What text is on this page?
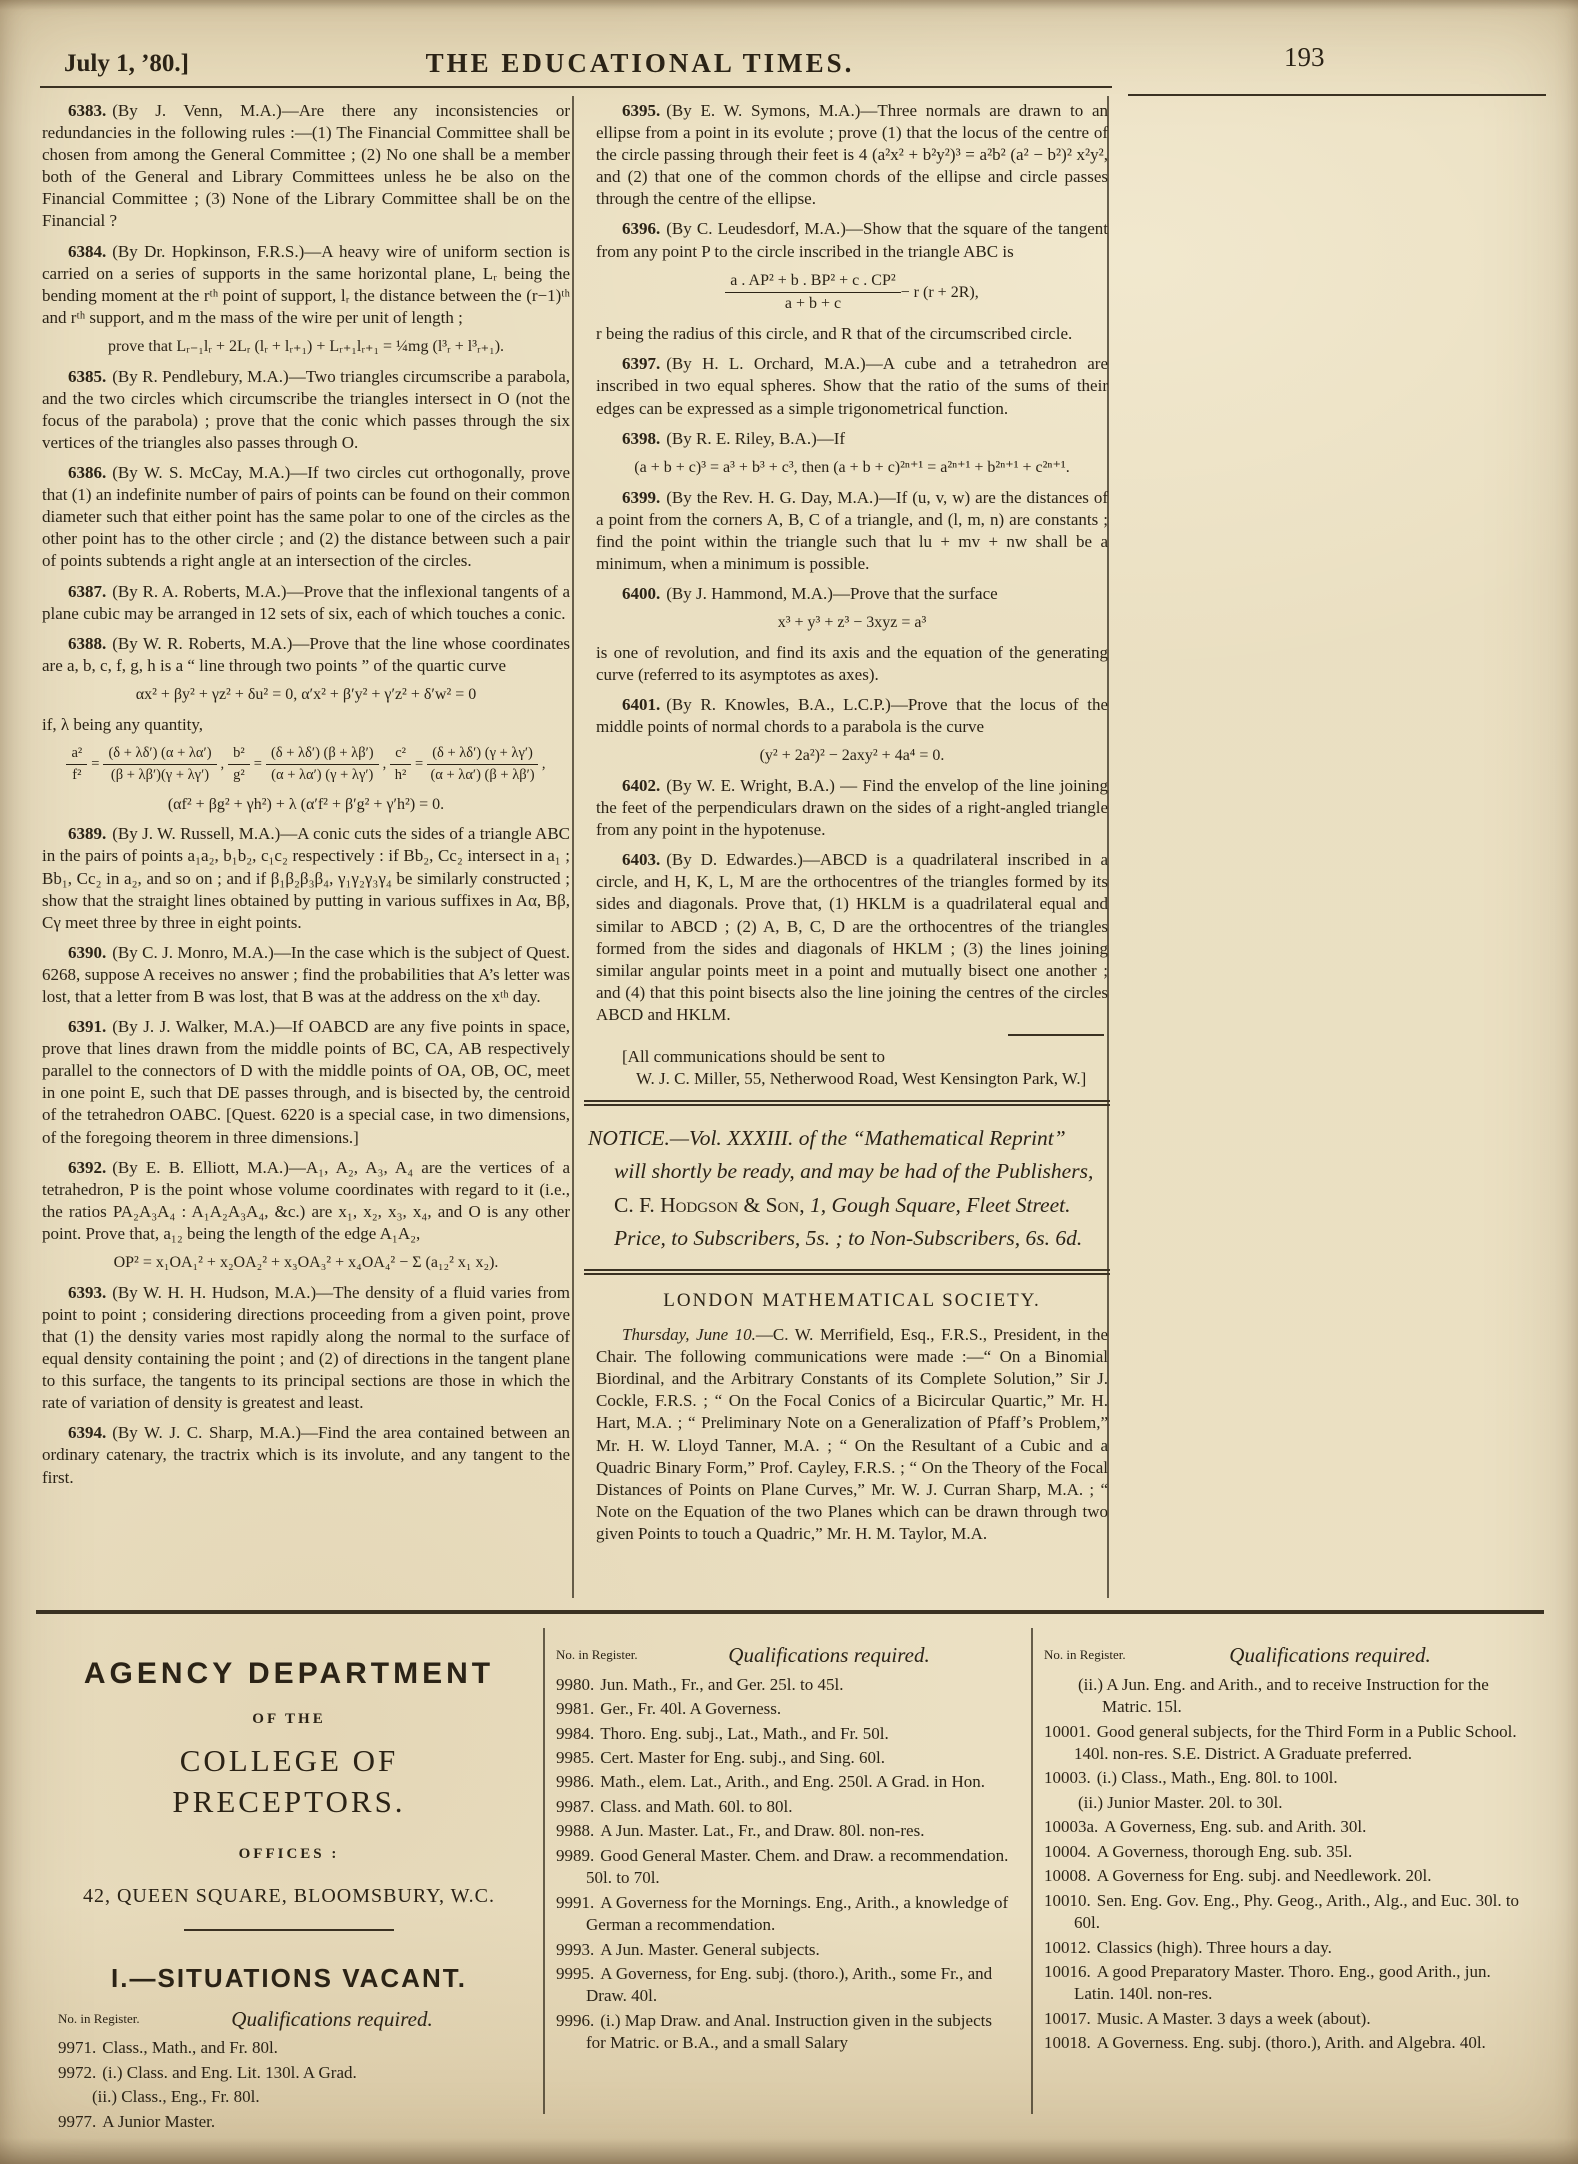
July 1, ’80.]	THE EDUCATIONAL TIMES.	193

6383. (By J. Venn, M.A.)—Are there any inconsistencies or redundancies in the following rules :—(1) The Financial Committee shall be chosen from among the General Committee ; (2) No one shall be a member both of the General and Library Committees unless he be also on the Financial Committee ; (3) None of the Library Committee shall be on the Financial ?

6384. (By Dr. Hopkinson, F.R.S.)—A heavy wire of uniform section is carried on a series of supports in the same horizontal plane, Lᵣ being the bending moment at the rᵗʰ point of support, lᵣ the distance between the (r−1)ᵗʰ and rᵗʰ support, and m the mass of the wire per unit of length ;

prove that Lᵣ₋₁lᵣ + 2Lᵣ (lᵣ + lᵣ₊₁) + Lᵣ₊₁lᵣ₊₁ = ¼mg (l³ᵣ + l³ᵣ₊₁).

6385. (By R. Pendlebury, M.A.)—Two triangles circumscribe a parabola, and the two circles which circumscribe the triangles intersect in O (not the focus of the parabola) ; prove that the conic which passes through the six vertices of the triangles also passes through O.

6386. (By W. S. McCay, M.A.)—If two circles cut orthogonally, prove that (1) an indefinite number of pairs of points can be found on their common diameter such that either point has the same polar to one of the circles as the other point has to the other circle ; and (2) the distance between such a pair of points subtends a right angle at an intersection of the circles.

6387. (By R. A. Roberts, M.A.)—Prove that the inflexional tangents of a plane cubic may be arranged in 12 sets of six, each of which touches a conic.

6388. (By W. R. Roberts, M.A.)—Prove that the line whose coordinates are a, b, c, f, g, h is a “ line through two points ” of the quartic curve

αx² + βy² + γz² + δu² = 0, α′x² + β′y² + γ′z² + δ′w² = 0

if, λ being any quantity,

$\frac{\text{a²}}{\text{f²}} = \frac{(\delta + \lambda\delta') (\alpha + \lambda\alpha')}{(\beta + \lambda\beta')(\gamma + \lambda\gamma')}$ , $\frac{\text{b²}}{\text{g²}} = \frac{(\delta + \lambda\delta') (\beta + \lambda\beta')}{(\alpha + \lambda\alpha') (\gamma + \lambda\gamma')}$ , $\frac{\text{c²}}{\text{h²}} = \frac{(\delta + \lambda\delta') (\gamma + \lambda\gamma')}{(\alpha + \lambda\alpha') (\beta + \lambda\beta')}$ ,
(αf² + βg² + γh²) + λ (α′f² + β′g² + γ′h²) = 0.

6389. (By J. W. Russell, M.A.)—A conic cuts the sides of a triangle ABC in the pairs of points a₁a₂, b₁b₂, c₁c₂ respectively : if Bb₂, Cc₂ intersect in a₁ ; Bb₁, Cc₂ in a₂, and so on ; and if β₁β₂β₃β₄, γ₁γ₂γ₃γ₄ be similarly constructed ; show that the straight lines obtained by putting in various suffixes in Aα, Bβ, Cγ meet three by three in eight points.

6390. (By C. J. Monro, M.A.)—In the case which is the subject of Quest. 6268, suppose A receives no answer ; find the probabilities that A’s letter was lost, that a letter from B was lost, that B was at the address on the xᵗʰ day.

6391. (By J. J. Walker, M.A.)—If OABCD are any five points in space, prove that lines drawn from the middle points of BC, CA, AB respectively parallel to the connectors of D with the middle points of OA, OB, OC, meet in one point E, such that DE passes through, and is bisected by, the centroid of the tetrahedron OABC. [Quest. 6220 is a special case, in two dimensions, of the foregoing theorem in three dimensions.]

6392. (By E. B. Elliott, M.A.)—A₁, A₂, A₃, A₄ are the vertices of a tetrahedron, P is the point whose volume coordinates with regard to it (i.e., the ratios PA₂A₃A₄ : A₁A₂A₃A₄, &c.) are x₁, x₂, x₃, x₄, and O is any other point. Prove that, a₁₂ being the length of the edge A₁A₂,

OP² = x₁OA₁² + x₂OA₂² + x₃OA₃² + x₄OA₄² − Σ (a₁₂² x₁ x₂).

6393. (By W. H. H. Hudson, M.A.)—The density of a fluid varies from point to point ; considering directions proceeding from a given point, prove that (1) the density varies most rapidly along the normal to the surface of equal density containing the point ; and (2) of directions in the tangent plane to this surface, the tangents to its principal sections are those in which the rate of variation of density is greatest and least.

6394. (By W. J. C. Sharp, M.A.)—Find the area contained between an ordinary catenary, the tractrix which is its involute, and any tangent to the first.

6395. (By E. W. Symons, M.A.)—Three normals are drawn to an ellipse from a point in its evolute ; prove (1) that the locus of the centre of the circle passing through their feet is 4 (a²x² + b²y²)³ = a²b² (a² − b²)² x²y², and (2) that one of the common chords of the ellipse and circle passes through the centre of the ellipse.

6396. (By C. Leudesdorf, M.A.)—Show that the square of the tangent from any point P to the circle inscribed in the triangle ABC is

$\frac{\text{a . AP² + b . BP² + c . CP²}}{a + b + c} - r$ (r + 2R),

r being the radius of this circle, and R that of the circumscribed circle.

6397. (By H. L. Orchard, M.A.)—A cube and a tetrahedron are inscribed in two equal spheres. Show that the ratio of the sums of their edges can be expressed as a simple trigonometrical function.

6398. (By R. E. Riley, B.A.)—If

(a + b + c)³ = a³ + b³ + c³, then (a + b + c)²ⁿ⁺¹ = a²ⁿ⁺¹ + b²ⁿ⁺¹ + c²ⁿ⁺¹.

6399. (By the Rev. H. G. Day, M.A.)—If (u, v, w) are the distances of a point from the corners A, B, C of a triangle, and (l, m, n) are constants ; find the point within the triangle such that lu + mv + nw shall be a minimum, when a minimum is possible.

6400. (By J. Hammond, M.A.)—Prove that the surface

x³ + y³ + z³ − 3xyz = a³

is one of revolution, and find its axis and the equation of the generating curve (referred to its asymptotes as axes).

6401. (By R. Knowles, B.A., L.C.P.)—Prove that the locus of the middle points of normal chords to a parabola is the curve

(y² + 2a²)² − 2axy² + 4a⁴ = 0.

6402. (By W. E. Wright, B.A.) — Find the envelop of the line joining the feet of the perpendiculars drawn on the sides of a right-angled triangle from any point in the hypotenuse.

6403. (By D. Edwardes.)—ABCD is a quadrilateral inscribed in a circle, and H, K, L, M are the orthocentres of the triangles formed by its sides and diagonals. Prove that, (1) HKLM is a quadrilateral equal and similar to ABCD ; (2) A, B, C, D are the orthocentres of the triangles formed from the sides and diagonals of HKLM ; (3) the lines joining similar angular points meet in a point and mutually bisect one another ; and (4) that this point bisects also the line joining the centres of the circles ABCD and HKLM.

[All communications should be sent to

W. J. C. Miller, 55, Netherwood Road, West Kensington Park, W.]

NOTICE.—Vol. XXXIII. of the “Mathematical Reprint”
will shortly be ready, and may be had of the Publishers,
C. F. Hodgson & Son, 1, Gough Square, Fleet Street.
Price, to Subscribers, 5s. ; to Non-Subscribers, 6s. 6d.
LONDON MATHEMATICAL SOCIETY.

Thursday, June 10.—C. W. Merrifield, Esq., F.R.S., President, in the Chair. The following communications were made :—“ On a Binomial Biordinal, and the Arbitrary Constants of its Complete Solution,” Sir J. Cockle, F.R.S. ; “ On the Focal Conics of a Bicircular Quartic,” Mr. H. Hart, M.A. ; “ Preliminary Note on a Generalization of Pfaff’s Problem,” Mr. H. W. Lloyd Tanner, M.A. ; “ On the Resultant of a Cubic and a Quadric Binary Form,” Prof. Cayley, F.R.S. ; “ On the Theory of the Focal Distances of Points on Plane Curves,” Mr. W. J. Curran Sharp, M.A. ; “ Note on the Equation of the two Planes which can be drawn through two given Points to touch a Quadric,” Mr. H. M. Taylor, M.A.

AGENCY DEPARTMENT
OF THE
COLLEGE OF PRECEPTORS.
OFFICES :
42, QUEEN SQUARE, BLOOMSBURY, W.C.
I.—SITUATIONS VACANT.
No. in Register.	Qualifications required.
9971. Class., Math., and Fr. 80l.
9972. (i.) Class. and Eng. Lit. 130l. A Grad.
(ii.) Class., Eng., Fr. 80l.
9977. A Junior Master.
No. in Register.	Qualifications required.
9980. Jun. Math., Fr., and Ger. 25l. to 45l.
9981. Ger., Fr. 40l. A Governess.
9984. Thoro. Eng. subj., Lat., Math., and Fr. 50l.
9985. Cert. Master for Eng. subj., and Sing. 60l.
9986. Math., elem. Lat., Arith., and Eng. 250l. A Grad. in Hon.
9987. Class. and Math. 60l. to 80l.
9988. A Jun. Master. Lat., Fr., and Draw. 80l. non-res.
9989. Good General Master. Chem. and Draw. a recommendation. 50l. to 70l.
9991. A Governess for the Mornings. Eng., Arith., a knowledge of German a recommendation.
9993. A Jun. Master. General subjects.
9995. A Governess, for Eng. subj. (thoro.), Arith., some Fr., and Draw. 40l.
9996. (i.) Map Draw. and Anal. Instruction given in the subjects for Matric. or B.A., and a small Salary
No. in Register.	Qualifications required.
(ii.) A Jun. Eng. and Arith., and to receive Instruction for the Matric. 15l.
10001. Good general subjects, for the Third Form in a Public School. 140l. non-res. S.E. District. A Graduate preferred.
10003. (i.) Class., Math., Eng. 80l. to 100l.
(ii.) Junior Master. 20l. to 30l.
10003a. A Governess, Eng. sub. and Arith. 30l.
10004. A Governess, thorough Eng. sub. 35l.
10008. A Governess for Eng. subj. and Needlework. 20l.
10010. Sen. Eng. Gov. Eng., Phy. Geog., Arith., Alg., and Euc. 30l. to 60l.
10012. Classics (high). Three hours a day.
10016. A good Preparatory Master. Thoro. Eng., good Arith., jun. Latin. 140l. non-res.
10017. Music. A Master. 3 days a week (about).
10018. A Governess. Eng. subj. (thoro.), Arith. and Algebra. 40l.
